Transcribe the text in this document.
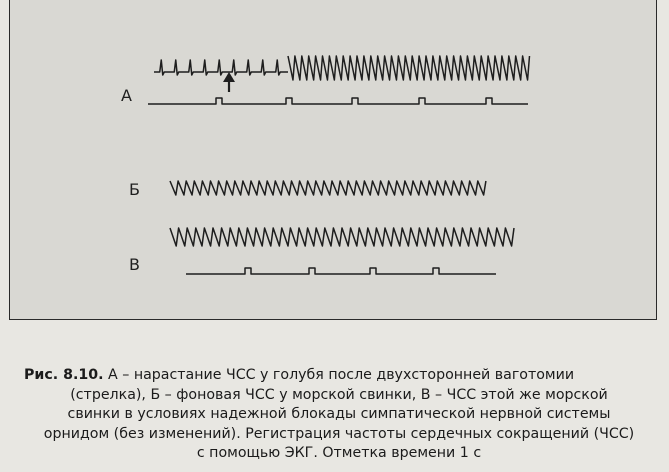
А
Б
В
Рис. 8.10. А – нарастание ЧСС у голубя после двухсторонней ваготомии
(стрелка), Б – фоновая ЧСС у морской свинки, В – ЧСС этой же морской
свинки в условиях надежной блокады симпатической нервной системы
орнидом (без изменений). Регистрация частоты сердечных сокращений (ЧСС)
с помощью ЭКГ. Отметка времени 1 с
